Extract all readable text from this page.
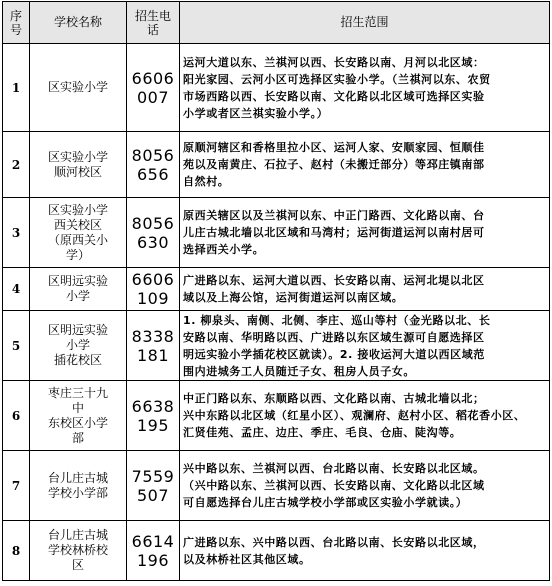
序
号	学校名称	招生电
话	招生范围
1	区实验小学	6606
007	运河大道以东、兰祺河以西、长安路以南、月河以北区域：
阳光家园、云河小区可选择区实验小学。（兰祺河以东、农贸
市场西路以西、长安路以南、文化路以北区域可选择区实验
小学或者区兰祺实验小学。）
2	区实验小学
顺河校区	8056
656	原顺河辖区和香格里拉小区、运河人家、安顺家园、恒顺佳
苑以及南黄庄、石拉子、赵村（未搬迁部分）等邳庄镇南部
自然村。
3	区实验小学
西关校区
（原西关小
学）	8056
630	原西关辖区以及兰祺河以东、中正门路西、文化路以南、台
儿庄古城北墙以北区域和马湾村；运河街道运河以南村居可
选择西关小学。
4	区明远实验
小学	6606
109	广进路以东、运河大道以西、长安路以南、运河北堤以北区
域以及上海公馆，运河街道运河以南区域。
5	区明远实验
小学
插花校区	8338
181	1. 柳泉头、南侧、北侧、李庄、巡山等村（金光路以北、长
安路以南、华明路以西、广进路以东区域生源可自愿选择区
明远实验小学插花校区就读）。2. 接收运河大道以西区域范
围内进城务工人员随迁子女、租房人员子女。
6	枣庄三十九
中
东校区小学
部	6638
195	中正门路以东、东顺路以西、文化路以南、古城北墙以北；
兴中东路以北区域（红星小区）、观澜府、赵村小区、稻花香小区、
汇贤佳苑、孟庄、边庄、季庄、毛良、仓庙、陡沟等。
7	台儿庄古城
学校小学部	7559
507	兴中路以东、兰祺河以西、台北路以南、长安路以北区域。
（兴中路以东、兰祺河以西、长安路以南、文化路以北区域
可自愿选择台儿庄古城学校小学部或区实验小学就读。）
8	台儿庄古城
学校林桥校
区	6614
196	广进路以东、兴中路以西、台北路以南、长安路以北区域，
以及林桥社区其他区域。
